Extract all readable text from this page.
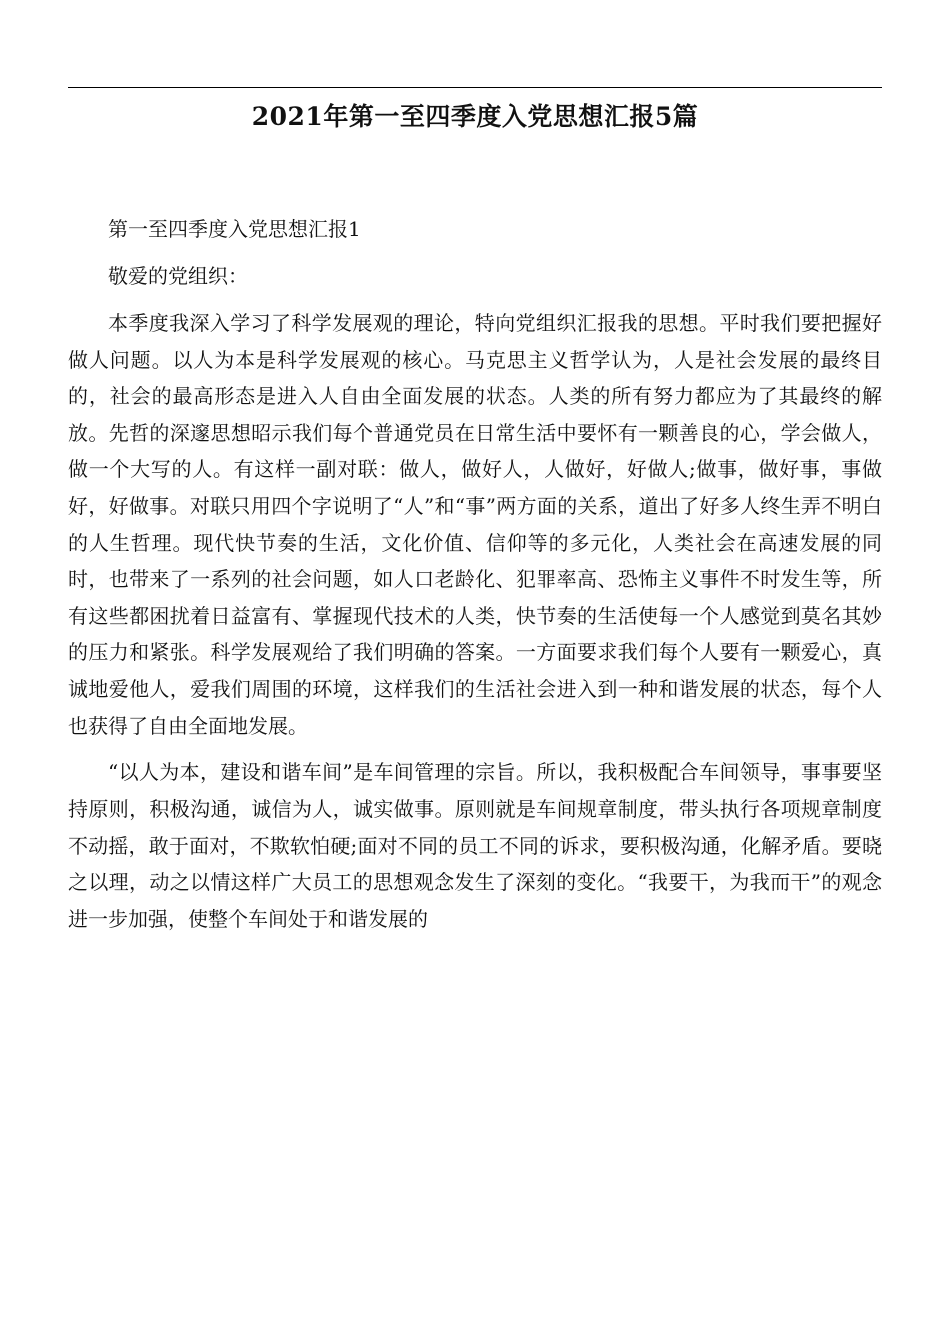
2021年第一至四季度入党思想汇报5篇

第一至四季度入党思想汇报1

敬爱的党组织：

本季度我深入学习了科学发展观的理论，特向党组织汇报我的思想。平时我们要把握好做人问题。以人为本是科学发展观的核心。马克思主义哲学认为，人是社会发展的最终目的，社会的最高形态是进入人自由全面发展的状态。人类的所有努力都应为了其最终的解放。先哲的深邃思想昭示我们每个普通党员在日常生活中要怀有一颗善良的心，学会做人，做一个大写的人。有这样一副对联：做人，做好人，人做好，好做人;做事，做好事，事做好，好做事。对联只用四个字说明了“人”和“事”两方面的关系，道出了好多人终生弄不明白的人生哲理。现代快节奏的生活，文化价值、信仰等的多元化，人类社会在高速发展的同时，也带来了一系列的社会问题，如人口老龄化、犯罪率高、恐怖主义事件不时发生等，所有这些都困扰着日益富有、掌握现代技术的人类，快节奏的生活使每一个人感觉到莫名其妙的压力和紧张。科学发展观给了我们明确的答案。一方面要求我们每个人要有一颗爱心，真诚地爱他人，爱我们周围的环境，这样我们的生活社会进入到一种和谐发展的状态，每个人也获得了自由全面地发展。

“以人为本，建设和谐车间”是车间管理的宗旨。所以，我积极配合车间领导，事事要坚持原则，积极沟通，诚信为人，诚实做事。原则就是车间规章制度，带头执行各项规章制度不动摇，敢于面对，不欺软怕硬;面对不同的员工不同的诉求，要积极沟通，化解矛盾。要晓之以理，动之以情这样广大员工的思想观念发生了深刻的变化。“我要干，为我而干”的观念进一步加强，使整个车间处于和谐发展的
